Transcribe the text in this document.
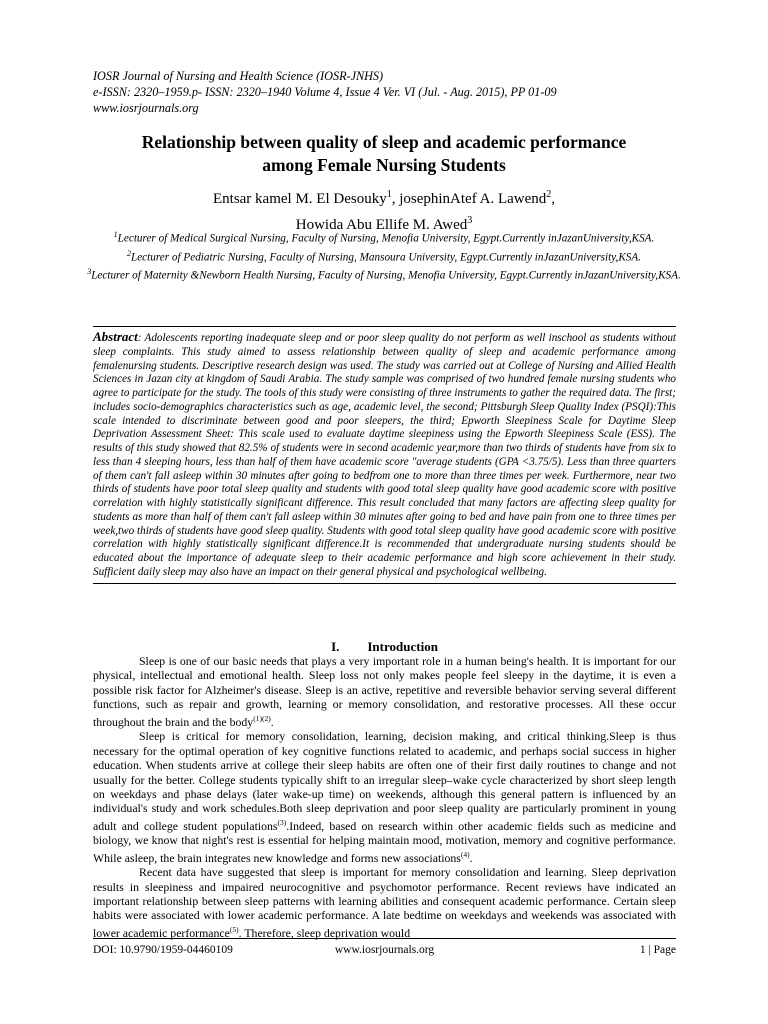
IOSR Journal of Nursing and Health Science (IOSR-JNHS)
e-ISSN: 2320–1959.p- ISSN: 2320–1940 Volume 4, Issue 4 Ver. VI (Jul. - Aug. 2015), PP 01-09
www.iosrjournals.org
Relationship between quality of sleep and academic performance
among Female Nursing Students
Entsar kamel M. El Desouky$^1$, josephinAtef A. Lawend$^2$,
Howida Abu Ellife M. Awed$^3$
$^1$Lecturer of Medical Surgical Nursing, Faculty of Nursing, Menofia University, Egypt.Currently inJazanUniversity,KSA.
$^2$Lecturer of Pediatric Nursing, Faculty of Nursing, Mansoura University, Egypt.Currently inJazanUniversity,KSA.
$^3$Lecturer of Maternity &Newborn Health Nursing, Faculty of Nursing, Menofia University, Egypt.Currently inJazanUniversity,KSA.
Abstract: Adolescents reporting inadequate sleep and or poor sleep quality do not perform as well inschool as students without sleep complaints. This study aimed to assess relationship between quality of sleep and academic performance among femalenursing students. Descriptive research design was used. The study was carried out at College of Nursing and Allied Health Sciences in Jazan city at kingdom of Saudi Arabia. The study sample was comprised of two hundred female nursing students who agree to participate for the study. The tools of this study were consisting of three instruments to gather the required data. The first; includes socio-demographics characteristics such as age, academic level, the second; Pittsburgh Sleep Quality Index (PSQI):This scale intended to discriminate between good and poor sleepers, the third; Epworth Sleepiness Scale for Daytime Sleep Deprivation Assessment Sheet: This scale used to evaluate daytime sleepiness using the Epworth Sleepiness Scale (ESS). The results of this study showed that 82.5% of students were in second academic year,more than two thirds of students have from six to less than 4 sleeping hours, less than half of them have academic score "average students (GPA <3.75/5). Less than three quarters of them can't fall asleep within 30 minutes after going to bedfrom one to more than three times per week. Furthermore, near two thirds of students have poor total sleep quality and students with good total sleep quality have good academic score with positive correlation with highly statistically significant difference. This result concluded that many factors are affecting sleep quality for students as more than half of them can't fall asleep within 30 minutes after going to bed and have pain from one to three times per week,two thirds of students have good sleep quality. Students with good total sleep quality have good academic score with positive correlation with highly statistically significant difference.It is recommended that undergraduate nursing students should be educated about the importance of adequate sleep to their academic performance and high score achievement in their study. Sufficient daily sleep may also have an impact on their general physical and psychological wellbeing.
I. Introduction

Sleep is one of our basic needs that plays a very important role in a human being's health. It is important for our physical, intellectual and emotional health. Sleep loss not only makes people feel sleepy in the daytime, it is even a possible risk factor for Alzheimer's disease. Sleep is an active, repetitive and reversible behavior serving several different functions, such as repair and growth, learning or memory consolidation, and restorative processes. All these occur throughout the brain and the body$^{(1)(2)}$.

Sleep is critical for memory consolidation, learning, decision making, and critical thinking.Sleep is thus necessary for the optimal operation of key cognitive functions related to academic, and perhaps social success in higher education. When students arrive at college their sleep habits are often one of their first daily routines to change and not usually for the better. College students typically shift to an irregular sleep–wake cycle characterized by short sleep length on weekdays and phase delays (later wake-up time) on weekends, although this general pattern is influenced by an individual's study and work schedules.Both sleep deprivation and poor sleep quality are particularly prominent in young adult and college student populations$^{(3)}$.Indeed, based on research within other academic fields such as medicine and biology, we know that night's rest is essential for helping maintain mood, motivation, memory and cognitive performance. While asleep, the brain integrates new knowledge and forms new associations$^{(4)}$.

Recent data have suggested that sleep is important for memory consolidation and learning. Sleep deprivation results in sleepiness and impaired neurocognitive and psychomotor performance. Recent reviews have indicated an important relationship between sleep patterns with learning abilities and consequent academic performance. Certain sleep habits were associated with lower academic performance. A late bedtime on weekdays and weekends was associated with lower academic performance$^{(5)}$. Therefore, sleep deprivation would

DOI: 10.9790/1959-04460109	www.iosrjournals.org	1 | Page
